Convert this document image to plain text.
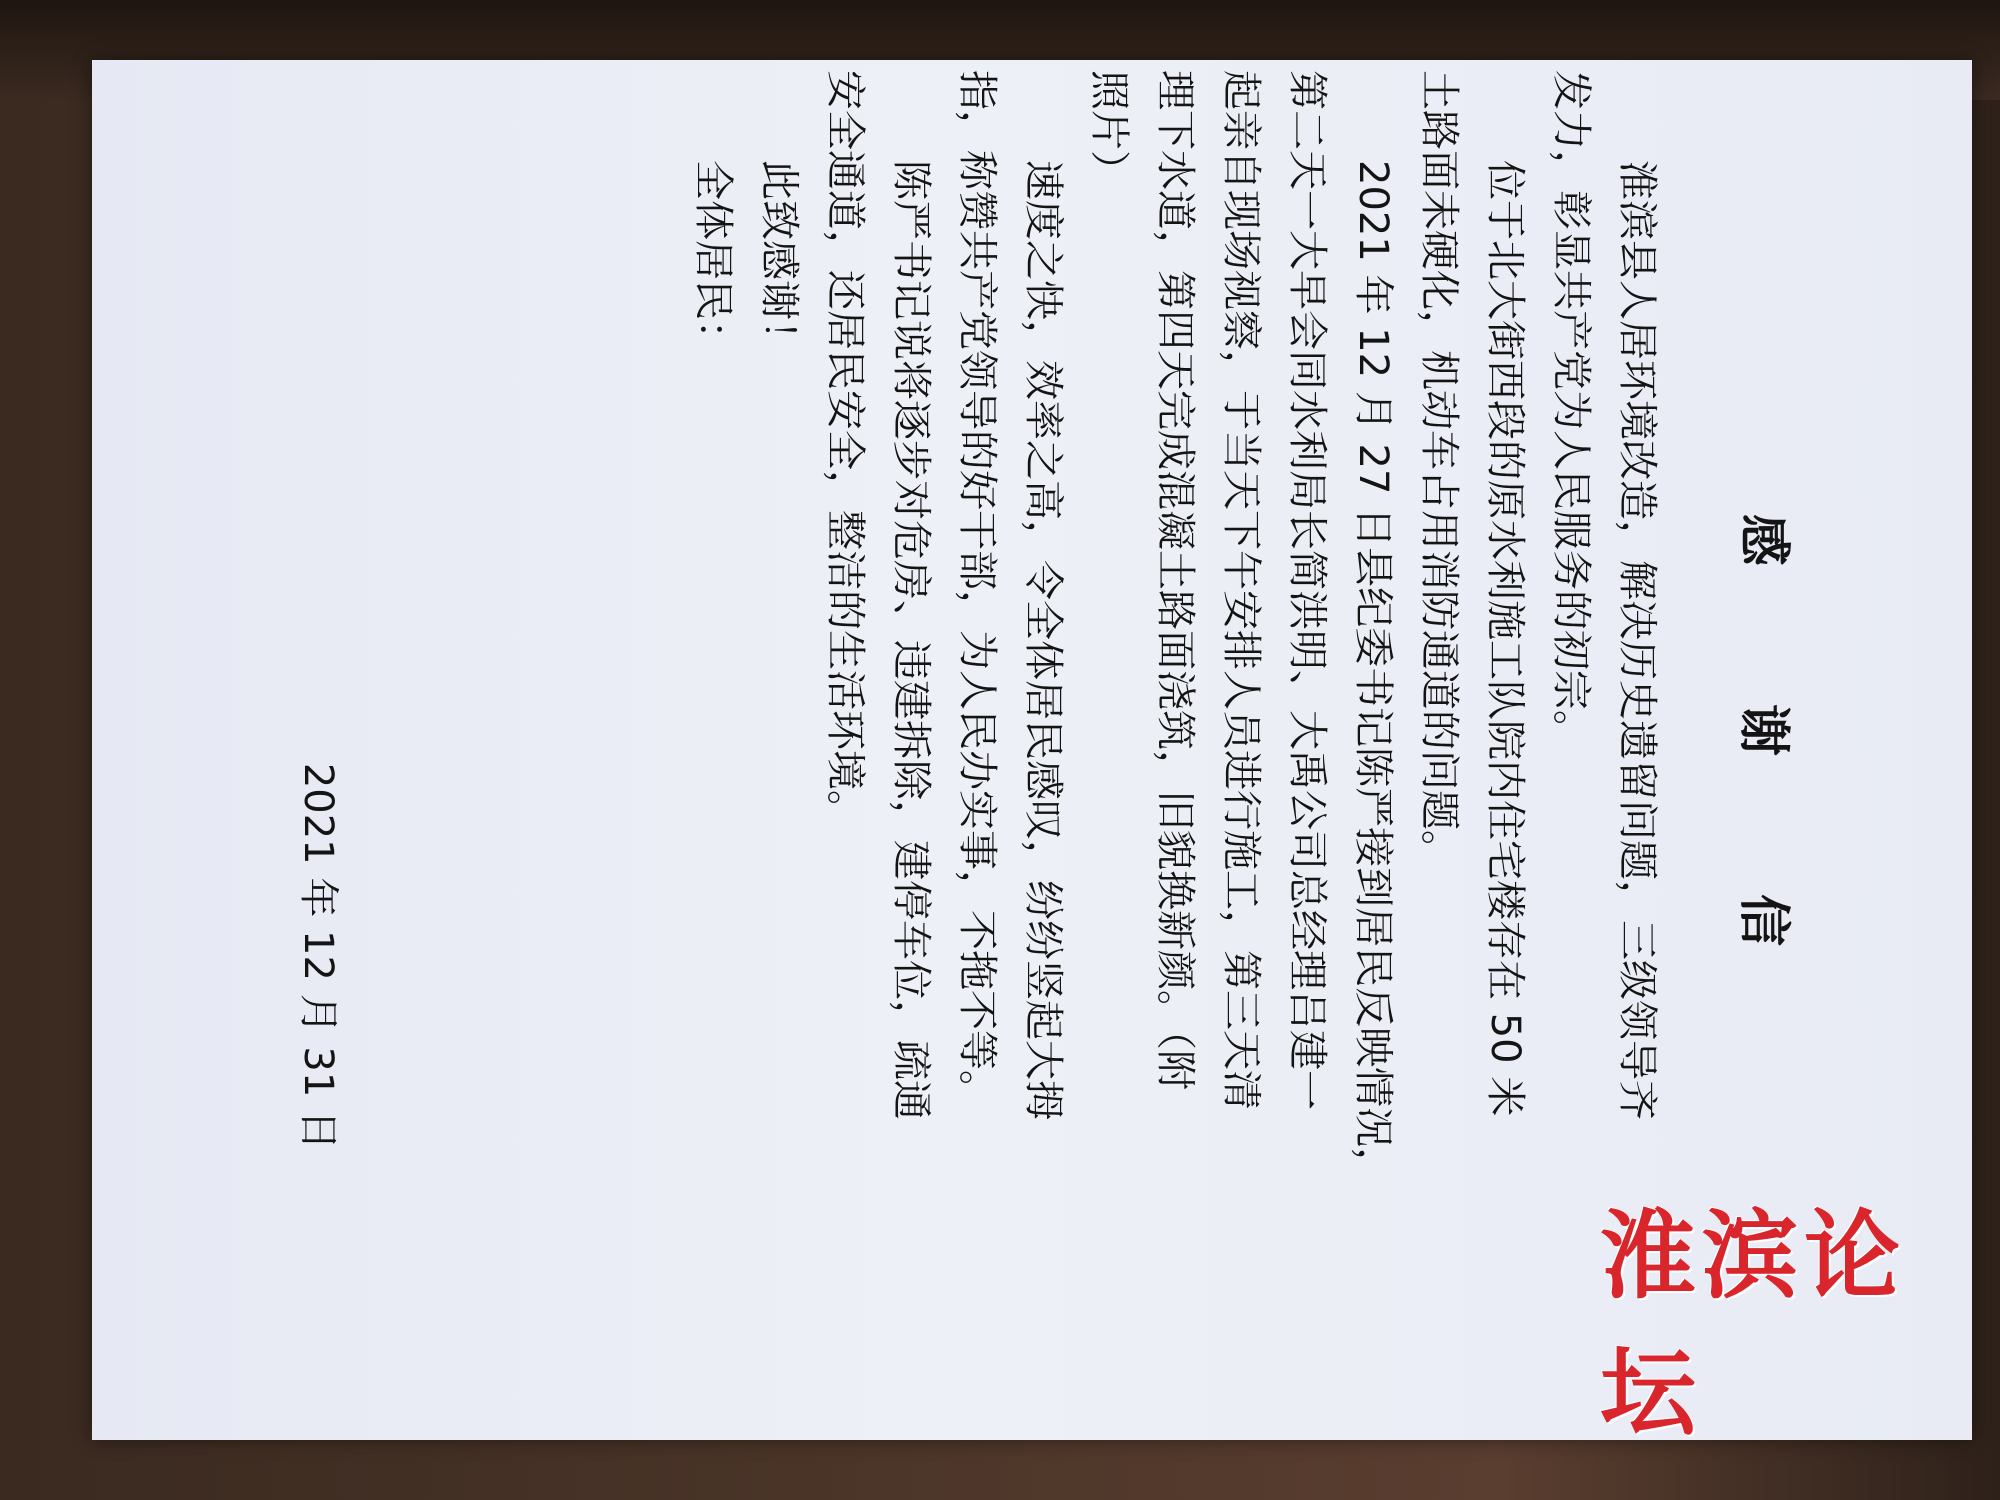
感 谢 信
淮滨县人居环境改造，解决历史遗留问题，三级领导齐
发力，彰显共产党为人民服务的初宗。
位于北大街西段的原水利施工队院内住宅楼存在 50 米
土路面未硬化，机动车占用消防通道的问题。
2021 年 12 月 27 日县纪委书记陈严接到居民反映情况，
第二天一大早会同水利局长简洪明、大禹公司总经理吕建一
起亲自现场视察，于当天下午安排人员进行施工，第三天清
理下水道，第四天完成混凝土路面浇筑，旧貌换新颜。（附
照片）
速度之快，效率之高，令全体居民感叹，纷纷竖起大拇
指，称赞共产党领导的好干部，为人民办实事，不拖不等。
陈严书记说将逐步对危房、违建拆除，建停车位，疏通
安全通道，还居民安全，整洁的生活环境。
此致感谢！
全体居民：
2021 年 12 月 31 日
淮滨论坛
